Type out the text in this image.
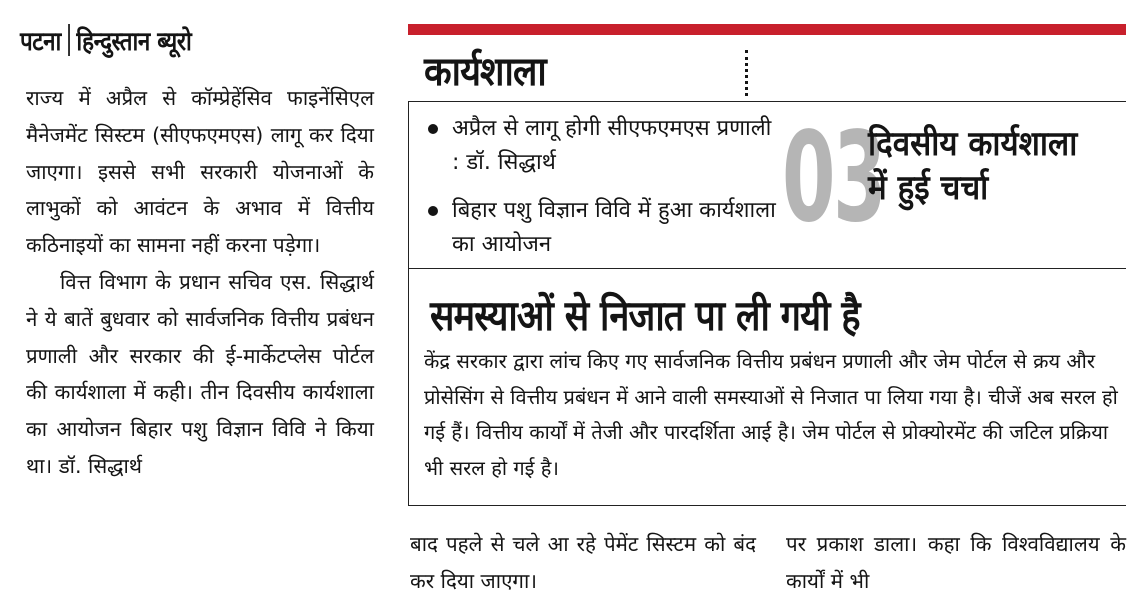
पटना हिन्दुस्तान ब्यूरो

राज्य में अप्रैल से कॉम्प्रेहेंसिव फाइनेंसिएल मैनेजमेंट सिस्टम (सीएफएमएस) लागू कर दिया जाएगा। इससे सभी सरकारी योजनाओं के लाभुकों को आवंटन के अभाव में वित्तीय कठिनाइयों का सामना नहीं करना पड़ेगा।

वित्त विभाग के प्रधान सचिव एस. सिद्धार्थ ने ये बातें बुधवार को सार्वजनिक वित्तीय प्रबंधन प्रणाली और सरकार की ई-मार्केटप्लेस पोर्टल की कार्यशाला में कही। तीन दिवसीय कार्यशाला का आयोजन बिहार पशु विज्ञान विवि ने किया था। डॉ. सिद्धार्थ

कार्यशाला
अप्रैल से लागू होगी सीएफएमएस प्रणाली : डॉ. सिद्धार्थ
बिहार पशु विज्ञान विवि में हुआ कार्यशाला का आयोजन	03
दिवसीय कार्यशाला में हुई चर्चा
समस्याओं से निजात पा ली गयी है
केंद्र सरकार द्वारा लांच किए गए सार्वजनिक वित्तीय प्रबंधन प्रणाली और जेम पोर्टल से क्रय और प्रोसेसिंग से वित्तीय प्रबंधन में आने वाली समस्याओं से निजात पा लिया गया है। चीजें अब सरल हो गई हैं। वित्तीय कार्यों में तेजी और पारदर्शिता आई है। जेम पोर्टल से प्रोक्योरमेंट की जटिल प्रक्रिया भी सरल हो गई है।
बाद पहले से चले आ रहे पेमेंट सिस्टम को बंद कर दिया जाएगा।
पर प्रकाश डाला। कहा कि विश्वविद्यालय के कार्यों में भी
